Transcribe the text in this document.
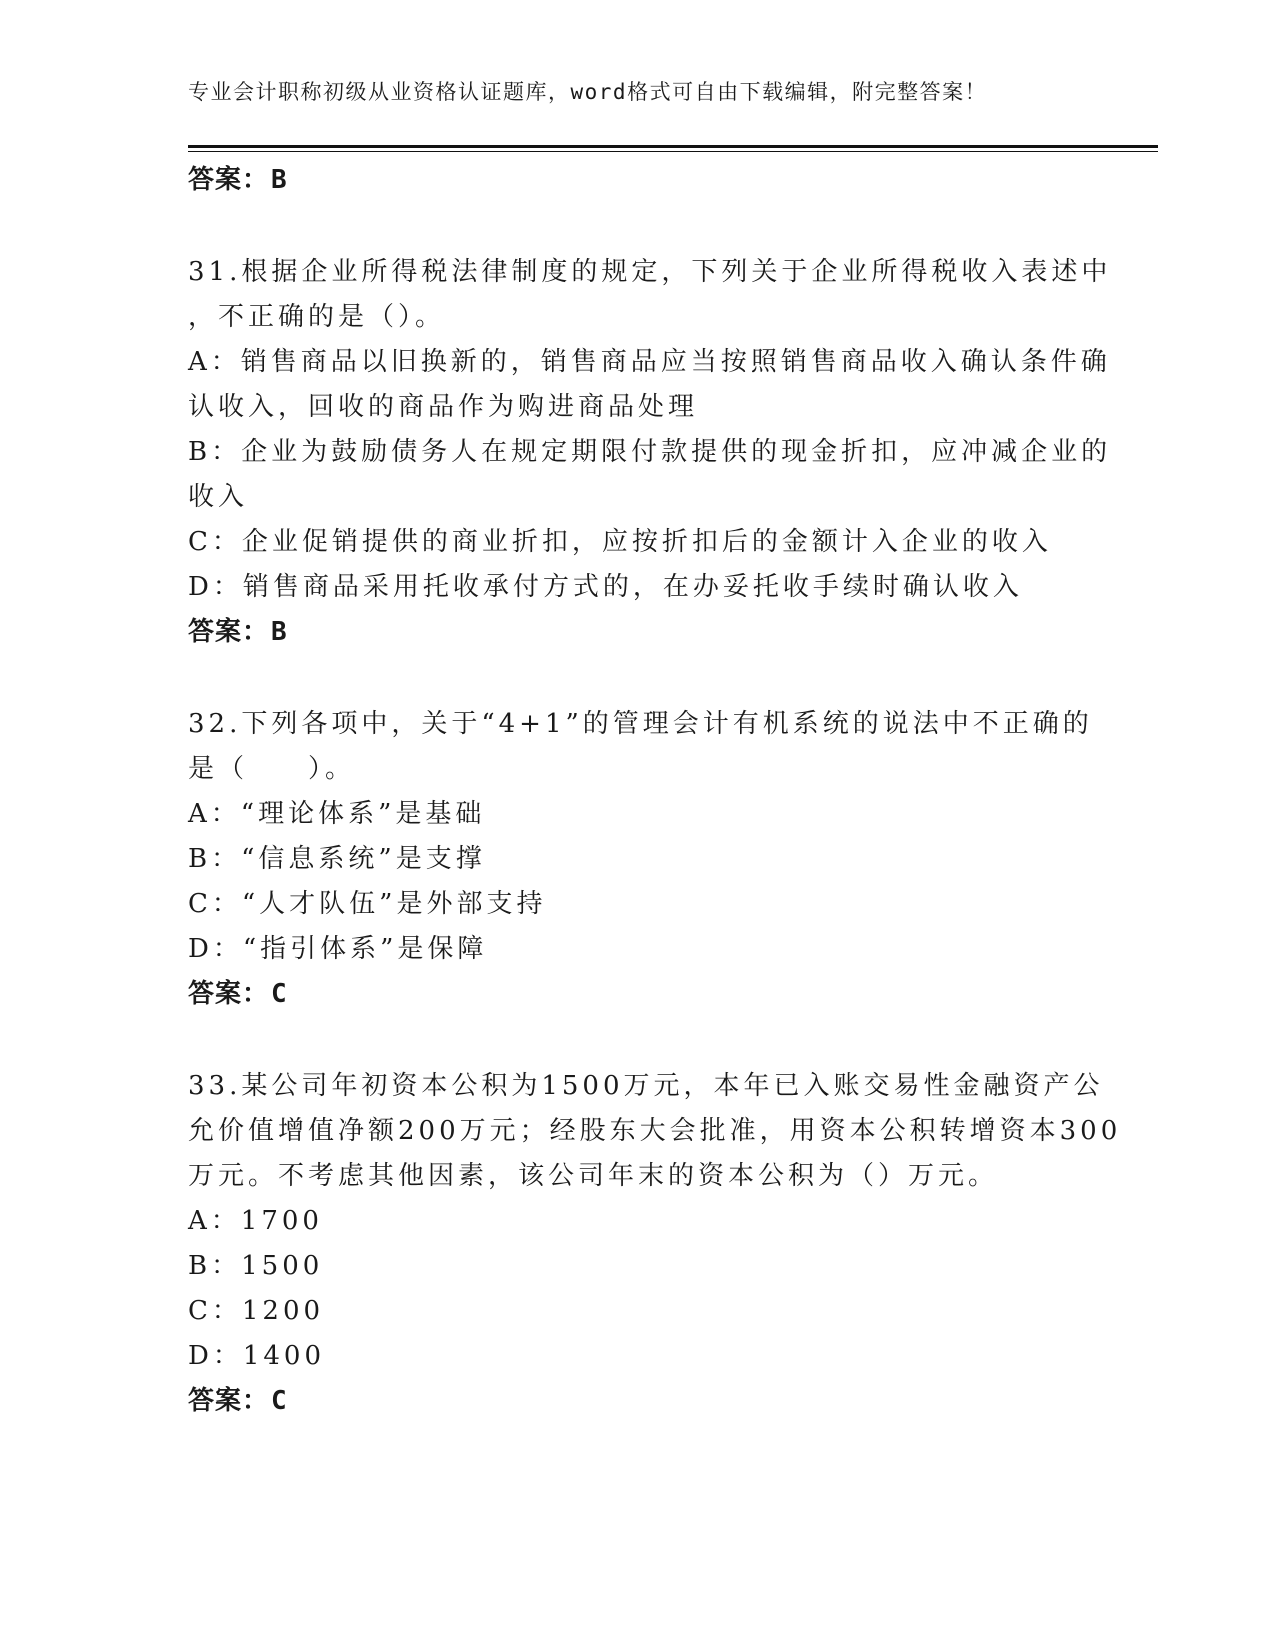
专业会计职称初级从业资格认证题库，word格式可自由下载编辑，附完整答案！
答案：B
31.根据企业所得税法律制度的规定，下列关于企业所得税收入表述中
，不正确的是（）。
A：销售商品以旧换新的，销售商品应当按照销售商品收入确认条件确
认收入，回收的商品作为购进商品处理
B：企业为鼓励债务人在规定期限付款提供的现金折扣，应冲减企业的
收入
C：企业促销提供的商业折扣，应按折扣后的金额计入企业的收入
D：销售商品采用托收承付方式的，在办妥托收手续时确认收入
答案：B
32.下列各项中，关于“4+1”的管理会计有机系统的说法中不正确的
是（　　）。
A：“理论体系”是基础
B：“信息系统”是支撑
C：“人才队伍”是外部支持
D：“指引体系”是保障
答案：C
33.某公司年初资本公积为1500万元，本年已入账交易性金融资产公
允价值增值净额200万元；经股东大会批准，用资本公积转增资本300
万元。不考虑其他因素，该公司年末的资本公积为（）万元。
A：1700
B：1500
C：1200
D：1400
答案：C
